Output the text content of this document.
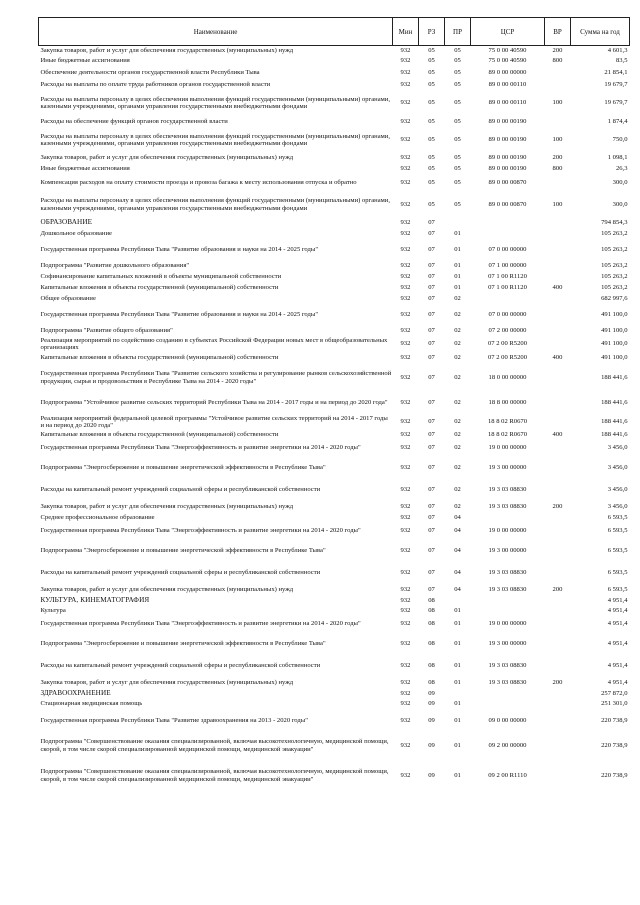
Наименование	Мин	РЗ	ПР	ЦСР	ВР	Сумма на год
Закупка товаров, работ и услуг для обеспечения государственных (муниципальных) нужд	932	05	05	75 0 00 40590	200	4 601,3
Иные бюджетные ассигнования	932	05	05	75 0 00 40590	800	83,5
Обеспечение деятельности органов государственной власти Республики Тыва	932	05	05	89 0 00 00000		21 854,1
Расходы на выплаты по оплате труда работников органов государственной власти	932	05	05	89 0 00 00110		19 679,7
Расходы на выплаты персоналу в целях обеспечения выполнения функций государственными (муниципальными) органами, казенными учреждениями, органами управления государственными внебюджетными фондами	932	05	05	89 0 00 00110	100	19 679,7
Расходы на обеспечение функций органов государственной власти	932	05	05	89 0 00 00190		1 874,4
Расходы на выплаты персоналу в целях обеспечения выполнения функций государственными (муниципальными) органами, казенными учреждениями, органами управления государственными внебюджетными фондами	932	05	05	89 0 00 00190	100	750,0
Закупка товаров, работ и услуг для обеспечения государственных (муниципальных) нужд	932	05	05	89 0 00 00190	200	1 098,1
Иные бюджетные ассигнования	932	05	05	89 0 00 00190	800	26,3
Компенсация расходов на оплату стоимости проезда и провоза багажа к месту использования отпуска и обратно	932	05	05	89 0 00 00870		300,0
Расходы на выплаты персоналу в целях обеспечения выполнения функций государственными (муниципальными) органами, казенными учреждениями, органами управления государственными внебюджетными фондами	932	05	05	89 0 00 00870	100	300,0
ОБРАЗОВАНИЕ	932	07				794 854,3
Дошкольное образование	932	07	01			105 263,2
Государственная программа Республики Тыва "Развитие образования и науки на 2014 - 2025 годы"	932	07	01	07 0 00 00000		105 263,2
Подпрограмма "Развитие дошкольного образования"	932	07	01	07 1 00 00000		105 263,2
Софинансирование капитальных вложений в объекты муниципальной собственности	932	07	01	07 1 00 R1120		105 263,2
Капитальные вложения в объекты государственной (муниципальной) собственности	932	07	01	07 1 00 R1120	400	105 263,2
Общее образование	932	07	02			682 997,6
Государственная программа Республики Тыва "Развитие образования и науки на 2014 - 2025 годы"	932	07	02	07 0 00 00000		491 100,0
Подпрограмма "Развитие общего образования"	932	07	02	07 2 00 00000		491 100,0
Реализация мероприятий по содействию созданию в субъектах Российской Федерации новых мест в общеобразовательных организациях	932	07	02	07 2 00 R5200		491 100,0
Капитальные вложения в объекты государственной (муниципальной) собственности	932	07	02	07 2 00 R5200	400	491 100,0
Государственная программа Республики Тыва "Развитие сельского хозяйства и регулирование рынков сельскохозяйственной продукции, сырья и продовольствия в Республике Тыва на 2014 - 2020 годы"	932	07	02	18 0 00 00000		188 441,6
Подпрограмма "Устойчивое развитие сельских территорий Республики Тыва на 2014 - 2017 годы и на период до 2020 года"	932	07	02	18 8 00 00000		188 441,6
Реализация мероприятий федеральной целевой программы "Устойчивое развитие сельских территорий на 2014 - 2017 годы и на период до 2020 года"	932	07	02	18 8 02 R0670		188 441,6
Капитальные вложения в объекты государственной (муниципальной) собственности	932	07	02	18 8 02 R0670	400	188 441,6
Государственная программа Республики Тыва "Энергоэффективность и развитие энергетики на 2014 - 2020 годы"	932	07	02	19 0 00 00000		3 456,0
Подпрограмма "Энергосбережение и повышение энергетической эффективности в Республике Тыва"	932	07	02	19 3 00 00000		3 456,0
Расходы на капитальный ремонт учреждений социальной сферы и республиканской собственности	932	07	02	19 3 03 08830		3 456,0
Закупка товаров, работ и услуг для обеспечения государственных (муниципальных) нужд	932	07	02	19 3 03 08830	200	3 456,0
Среднее профессиональное образование	932	07	04			6 593,5
Государственная программа Республики Тыва "Энергоэффективность и развитие энергетики на 2014 - 2020 годы"	932	07	04	19 0 00 00000		6 593,5
Подпрограмма "Энергосбережение и повышение энергетической эффективности в Республике Тыва"	932	07	04	19 3 00 00000		6 593,5
Расходы на капитальный ремонт учреждений социальной сферы и республиканской собственности	932	07	04	19 3 03 08830		6 593,5
Закупка товаров, работ и услуг для обеспечения государственных (муниципальных) нужд	932	07	04	19 3 03 08830	200	6 593,5
КУЛЬТУРА, КИНЕМАТОГРАФИЯ	932	08				4 951,4
Культура	932	08	01			4 951,4
Государственная программа Республики Тыва "Энергоэффективность и развитие энергетики на 2014 - 2020 годы"	932	08	01	19 0 00 00000		4 951,4
Подпрограмма "Энергосбережение и повышение энергетической эффективности в Республике Тыва"	932	08	01	19 3 00 00000		4 951,4
Расходы на капитальный ремонт учреждений социальной сферы и республиканской собственности	932	08	01	19 3 03 08830		4 951,4
Закупка товаров, работ и услуг для обеспечения государственных (муниципальных) нужд	932	08	01	19 3 03 08830	200	4 951,4
ЗДРАВООХРАНЕНИЕ	932	09				257 872,0
Стационарная медицинская помощь	932	09	01			251 301,0
Государственная программа Республики Тыва "Развитие здравоохранения на 2013 - 2020 годы"	932	09	01	09 0 00 00000		220 738,9
Подпрограмма "Совершенствование оказания специализированной, включая высокотехнологичную, медицинской помощи, скорой, в том числе скорой специализированной медицинской помощи, медицинской эвакуации"	932	09	01	09 2 00 00000		220 738,9
Подпрограмма "Совершенствование оказания специализированной, включая высокотехнологичную, медицинской помощи, скорой, в том числе скорой специализированной медицинской помощи, медицинской эвакуации"	932	09	01	09 2 00 R1110		220 738,9
